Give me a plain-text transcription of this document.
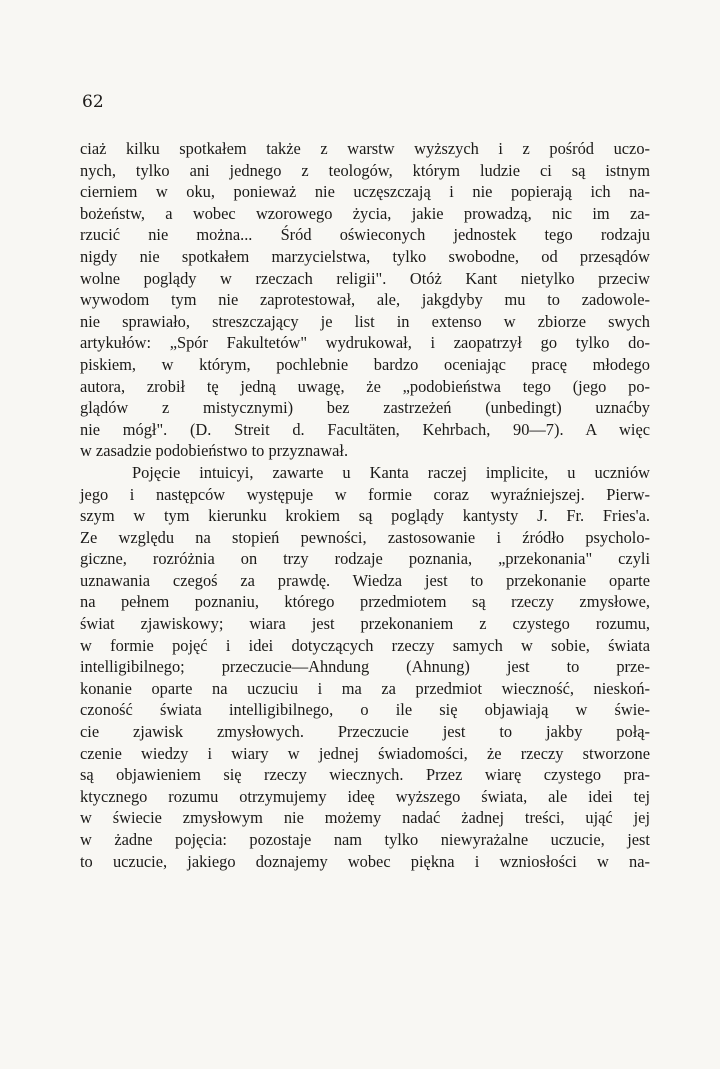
62
ciaż kilku spotkałem także z warstw wyższych i z pośród uczo-
nych, tylko ani jednego z teologów, którym ludzie ci są istnym
cierniem w oku, ponieważ nie uczęszczają i nie popierają ich na-
bożeństw, a wobec wzorowego życia, jakie prowadzą, nic im za-
rzucić nie można... Śród oświeconych jednostek tego rodzaju
nigdy nie spotkałem marzycielstwa, tylko swobodne, od przesądów
wolne poglądy w rzeczach religii". Otóż Kant nietylko przeciw
wywodom tym nie zaprotestował, ale, jakgdyby mu to zadowole-
nie sprawiało, streszczający je list in extenso w zbiorze swych
artykułów: „Spór Fakultetów" wydrukował, i zaopatrzył go tylko do-
piskiem, w którym, pochlebnie bardzo oceniając pracę młodego
autora, zrobił tę jedną uwagę, że „podobieństwa tego (jego po-
glądów z mistycznymi) bez zastrzeżeń (unbedingt) uznaćby
nie mógł". (D. Streit d. Facultäten, Kehrbach, 90—7). A więc
w zasadzie podobieństwo to przyznawał.
Pojęcie intuicyi, zawarte u Kanta raczej implicite, u uczniów
jego i następców występuje w formie coraz wyraźniejszej. Pierw-
szym w tym kierunku krokiem są poglądy kantysty J. Fr. Fries'a.
Ze względu na stopień pewności, zastosowanie i źródło psycholo-
giczne, rozróżnia on trzy rodzaje poznania, „przekonania" czyli
uznawania czegoś za prawdę. Wiedza jest to przekonanie oparte
na pełnem poznaniu, którego przedmiotem są rzeczy zmysłowe,
świat zjawiskowy; wiara jest przekonaniem z czystego rozumu,
w formie pojęć i idei dotyczących rzeczy samych w sobie, świata
intelligibilnego; przeczucie—Ahndung (Ahnung) jest to prze-
konanie oparte na uczuciu i ma za przedmiot wieczność, nieskoń-
czoność świata intelligibilnego, o ile się objawiają w świe-
cie zjawisk zmysłowych. Przeczucie jest to jakby połą-
czenie wiedzy i wiary w jednej świadomości, że rzeczy stworzone
są objawieniem się rzeczy wiecznych. Przez wiarę czystego pra-
ktycznego rozumu otrzymujemy ideę wyższego świata, ale idei tej
w świecie zmysłowym nie możemy nadać żadnej treści, ująć jej
w żadne pojęcia: pozostaje nam tylko niewyrażalne uczucie, jest
to uczucie, jakiego doznajemy wobec piękna i wzniosłości w na-
